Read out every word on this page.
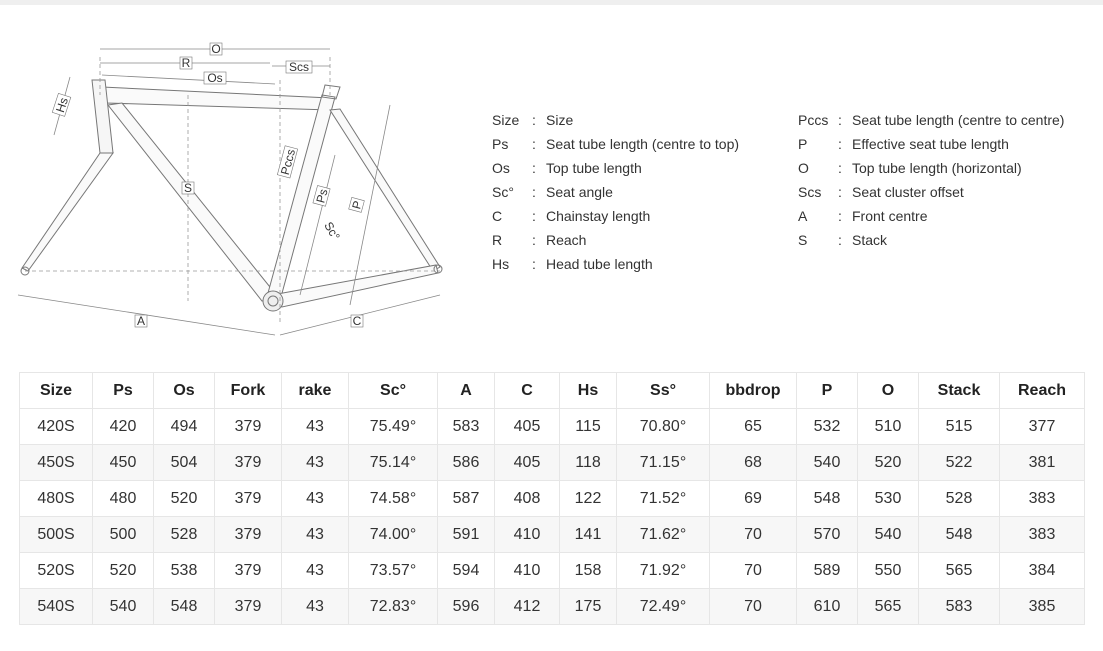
O
R
Os
Scs
Hs
S
Pccs
Ps
P
Sc°
A	C
Size : Size
Ps	: Seat tube length (centre to top)
Os	: Top tube length
Sc°	: Seat angle
C	: Chainstay length
R	: Reach
Hs	: Head tube length
Pccs : Seat tube length (centre to centre)
P	: Effective seat tube length
O	: Top tube length (horizontal)
Scs	: Seat cluster offset
A	: Front centre
S	: Stack
Size	Ps	Os	Fork	rake	Sc°	A	C	Hs	Ss°	bbdrop	P	O	Stack	Reach
420S	420	494	379	43	75.49°	583	405	115	70.80°	65	532	510	515	377
450S	450	504	379	43	75.14°	586	405	118	71.15°	68	540	520	522	381
480S	480	520	379	43	74.58°	587	408	122	71.52°	69	548	530	528	383
500S	500	528	379	43	74.00°	591	410	141	71.62°	70	570	540	548	383
520S	520	538	379	43	73.57°	594	410	158	71.92°	70	589	550	565	384
540S	540	548	379	43	72.83°	596	412	175	72.49°	70	610	565	583	385
